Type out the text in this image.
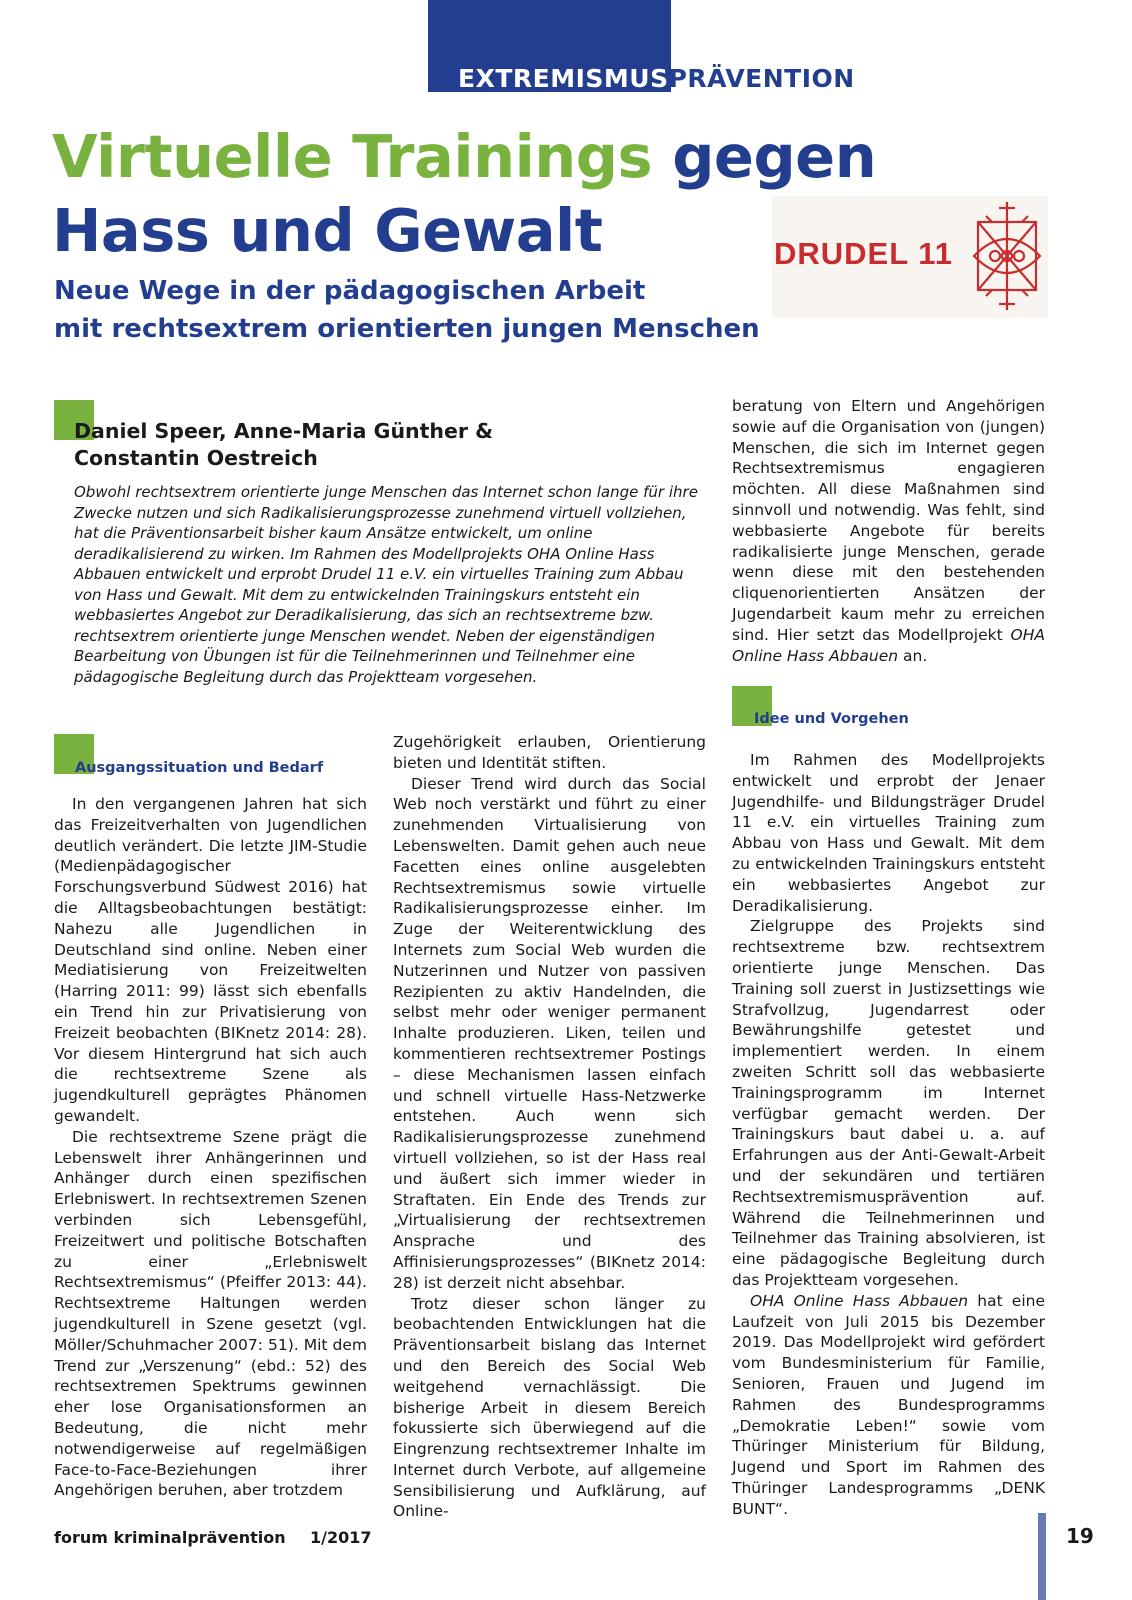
EXTREMISMUSPRÄVENTION
Virtuelle Trainings gegen
Hass und Gewalt	DRUDEL 11
Neue Wege in der pädagogischen Arbeit
mit rechtsextrem orientierten jungen Menschen

Daniel Speer, Anne-Maria Günther &
Constantin Oestreich

Obwohl rechtsextrem orientierte junge Menschen das Internet schon lange für ihre Zwecke nutzen und sich Radikalisierungsprozesse zunehmend virtuell vollziehen, hat die Präventionsarbeit bisher kaum Ansätze entwickelt, um online deradikalisierend zu wirken. Im Rahmen des Modellprojekts OHA Online Hass Abbauen entwickelt und erprobt Drudel 11 e.V. ein virtuelles Training zum Abbau von Hass und Gewalt. Mit dem zu entwickelnden Trainingskurs entsteht ein webbasiertes Angebot zur Deradikalisierung, das sich an rechtsextreme bzw. rechtsextrem orientierte junge Menschen wendet. Neben der eigenständigen Bearbeitung von Übungen ist für die Teilnehmerinnen und Teilnehmer eine pädagogische Begleitung durch das Projektteam vorgesehen.

Ausgangssituation und Bedarf

In den vergangenen Jahren hat sich das Freizeitverhalten von Jugendlichen deutlich verändert. Die letzte JIM-Studie (Medienpädagogischer Forschungsverbund Südwest 2016) hat die Alltagsbeobachtungen bestätigt: Nahezu alle Jugendlichen in Deutschland sind online. Neben einer Mediatisierung von Freizeitwelten (Harring 2011: 99) lässt sich ebenfalls ein Trend hin zur Privatisierung von Freizeit beobachten (BIKnetz 2014: 28). Vor diesem Hintergrund hat sich auch die rechtsextreme Szene als jugendkulturell geprägtes Phänomen gewandelt.

Die rechtsextreme Szene prägt die Lebenswelt ihrer Anhängerinnen und Anhänger durch einen spezifischen Erlebniswert. In rechtsextremen Szenen verbinden sich Lebensgefühl, Freizeitwert und politische Botschaften zu einer „Erlebniswelt Rechtsextremismus“ (Pfeiffer 2013: 44). Rechtsextreme Haltungen werden jugendkulturell in Szene gesetzt (vgl. Möller/Schuhmacher 2007: 51). Mit dem Trend zur „Verszenung“ (ebd.: 52) des rechtsextremen Spektrums gewinnen eher lose Organisationsformen an Bedeutung, die nicht mehr notwendigerweise auf regelmäßigen Face-to-Face-Beziehungen ihrer Angehörigen beruhen, aber trotzdem

Zugehörigkeit erlauben, Orientierung bieten und Identität stiften.

Dieser Trend wird durch das Social Web noch verstärkt und führt zu einer zunehmenden Virtualisierung von Lebenswelten. Damit gehen auch neue Facetten eines online ausgelebten Rechtsextremismus sowie virtuelle Radikalisierungsprozesse einher. Im Zuge der Weiterentwicklung des Internets zum Social Web wurden die Nutzerinnen und Nutzer von passiven Rezipienten zu aktiv Handelnden, die selbst mehr oder weniger permanent Inhalte produzieren. Liken, teilen und kommentieren rechtsextremer Postings – diese Mechanismen lassen einfach und schnell virtuelle Hass-Netzwerke entstehen. Auch wenn sich Radikalisierungsprozesse zunehmend virtuell vollziehen, so ist der Hass real und äußert sich immer wieder in Straftaten. Ein Ende des Trends zur „Virtualisierung der rechtsextremen Ansprache und des Affinisierungsprozesses“ (BIKnetz 2014: 28) ist derzeit nicht absehbar.

Trotz dieser schon länger zu beobachtenden Entwicklungen hat die Präventionsarbeit bislang das Internet und den Bereich des Social Web weitgehend vernachlässigt. Die bisherige Arbeit in diesem Bereich fokussierte sich überwiegend auf die Eingrenzung rechtsextremer Inhalte im Internet durch Verbote, auf allgemeine Sensibilisierung und Aufklärung, auf Online-

beratung von Eltern und Angehörigen sowie auf die Organisation von (jungen) Menschen, die sich im Internet gegen Rechtsextremismus engagieren möchten. All diese Maßnahmen sind sinnvoll und notwendig. Was fehlt, sind webbasierte Angebote für bereits radikalisierte junge Menschen, gerade wenn diese mit den bestehenden cliquenorientierten Ansätzen der Jugendarbeit kaum mehr zu erreichen sind. Hier setzt das Modellprojekt OHA Online Hass Abbauen an.

Idee und Vorgehen

Im Rahmen des Modellprojekts entwickelt und erprobt der Jenaer Jugendhilfe- und Bildungsträger Drudel 11 e.V. ein virtuelles Training zum Abbau von Hass und Gewalt. Mit dem zu entwickelnden Trainingskurs entsteht ein webbasiertes Angebot zur Deradikalisierung.

Zielgruppe des Projekts sind rechtsextreme bzw. rechtsextrem orientierte junge Menschen. Das Training soll zuerst in Justizsettings wie Strafvollzug, Jugendarrest oder Bewährungshilfe getestet und implementiert werden. In einem zweiten Schritt soll das webbasierte Trainingsprogramm im Internet verfügbar gemacht werden. Der Trainingskurs baut dabei u. a. auf Erfahrungen aus der Anti-Gewalt-Arbeit und der sekundären und tertiären Rechtsextremismusprävention auf. Während die Teilnehmerinnen und Teilnehmer das Training absolvieren, ist eine pädagogische Begleitung durch das Projektteam vorgesehen.

OHA Online Hass Abbauen hat eine Laufzeit von Juli 2015 bis Dezember 2019. Das Modellprojekt wird gefördert vom Bundesministerium für Familie, Senioren, Frauen und Jugend im Rahmen des Bundesprogramms „Demokratie Leben!“ sowie vom Thüringer Ministerium für Bildung, Jugend und Sport im Rahmen des Thüringer Landesprogramms „DENK BUNT“.

forum kriminalprävention 1/2017	19
